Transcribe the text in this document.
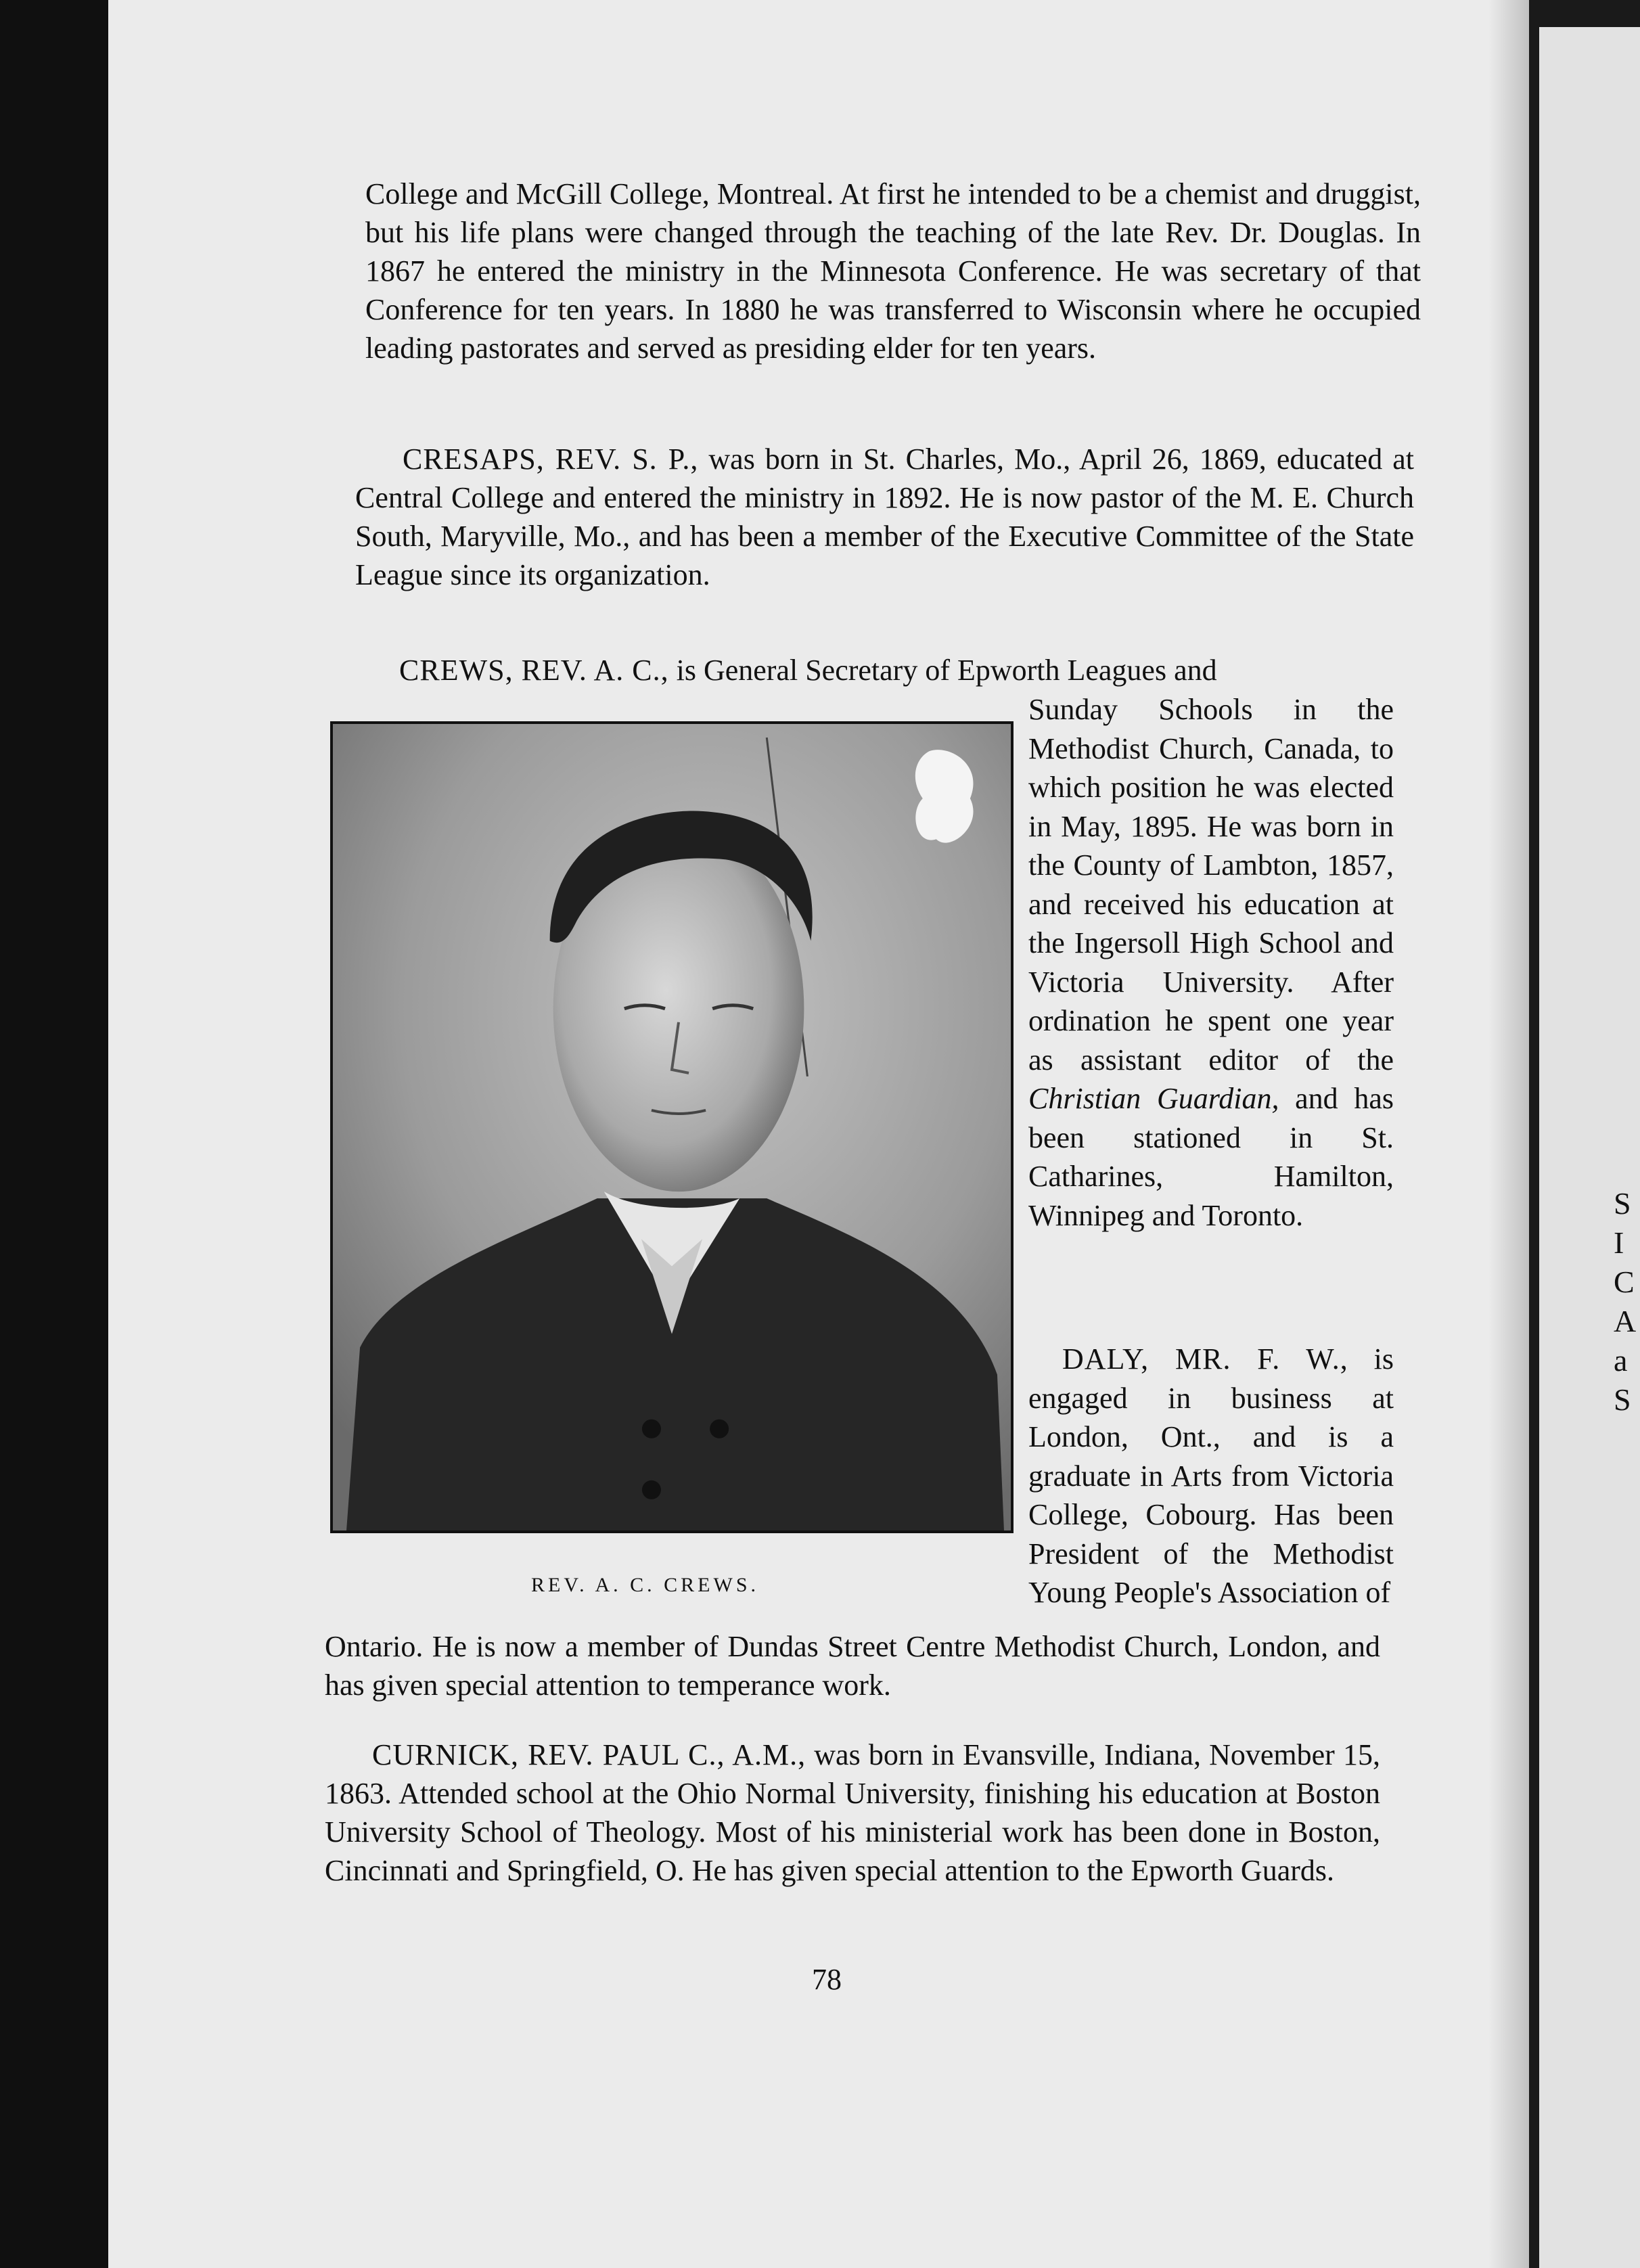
S
I
C
A
a
S

College and McGill College, Montreal. At first he intended to be a chemist and druggist, but his life plans were changed through the teaching of the late Rev. Dr. Douglas. In 1867 he entered the ministry in the Minnesota Conference. He was secretary of that Conference for ten years. In 1880 he was transferred to Wisconsin where he occupied leading pastorates and served as presiding elder for ten years.

CRESAPS, REV. S. P., was born in St. Charles, Mo., April 26, 1869, educated at Central College and entered the ministry in 1892. He is now pastor of the M. E. Church South, Maryville, Mo., and has been a member of the Executive Committee of the State League since its organization.

CREWS, REV. A. C., is General Secretary of Epworth Leagues and

Sunday Schools in the Methodist Church, Canada, to which position he was elected in May, 1895. He was born in the County of Lambton, 1857, and received his education at the Ingersoll High School and Victoria University. After ordination he spent one year as assistant editor of the Christian Guardian, and has been stationed in St. Catharines, Hamilton, Winnipeg and Toronto.
DALY, MR. F. W., is engaged in business at London, Ont., and is a graduate in Arts from Victoria College, Cobourg. Has been President of the Methodist Young People's Association of
REV. A. C. CREWS.

Ontario. He is now a member of Dundas Street Centre Methodist Church, London, and has given special attention to temperance work.

CURNICK, REV. PAUL C., A.M., was born in Evansville, Indiana, November 15, 1863. Attended school at the Ohio Normal University, finishing his education at Boston University School of Theology. Most of his ministerial work has been done in Boston, Cincinnati and Springfield, O. He has given special attention to the Epworth Guards.

78
